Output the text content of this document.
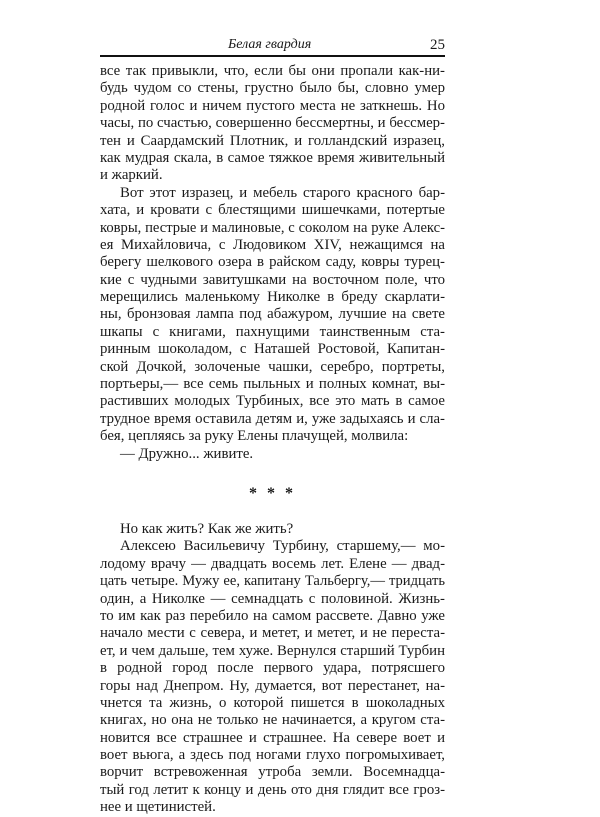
Белая гвардия	25
все так привыкли, что, если бы они пропали как-ни-
будь чудом со стены, грустно было бы, словно умер
родной голос и ничем пустого места не заткнешь. Но
часы, по счастью, совершенно бессмертны, и бессмер-
тен и Саардамский Плотник, и голландский изразец,
как мудрая скала, в самое тяжкое время живительный
и жаркий.
Вот этот изразец, и мебель старого красного бар-
хата, и кровати с блестящими шишечками, потертые
ковры, пестрые и малиновые, с соколом на руке Алекс-
ея Михайловича, с Людовиком XIV, нежащимся на
берегу шелкового озера в райском саду, ковры турец-
кие с чудными завитушками на восточном поле, что
мерещились маленькому Николке в бреду скарлати-
ны, бронзовая лампа под абажуром, лучшие на свете
шкапы с книгами, пахнущими таинственным ста-
ринным шоколадом, с Наташей Ростовой, Капитан-
ской Дочкой, золоченые чашки, серебро, портреты,
портьеры,— все семь пыльных и полных комнат, вы-
растивших молодых Турбиных, все это мать в самое
трудное время оставила детям и, уже задыхаясь и сла-
бея, цепляясь за руку Елены плачущей, молвила:
— Дружно... живите.
* * *
Но как жить? Как же жить?
Алексею Васильевичу Турбину, старшему,— мо-
лодому врачу — двадцать восемь лет. Елене — двад-
цать четыре. Мужу ее, капитану Тальбергу,— тридцать
один, а Николке — семнадцать с половиной. Жизнь-
то им как раз перебило на самом рассвете. Давно уже
начало мести с севера, и метет, и метет, и не переста-
ет, и чем дальше, тем хуже. Вернулся старший Турбин
в родной город после первого удара, потрясшего
горы над Днепром. Ну, думается, вот перестанет, на-
чнется та жизнь, о которой пишется в шоколадных
книгах, но она не только не начинается, а кругом ста-
новится все страшнее и страшнее. На севере воет и
воет вьюга, а здесь под ногами глухо погромыхивает,
ворчит встревоженная утроба земли. Восемнадца-
тый год летит к концу и день ото дня глядит все гроз-
нее и щетинистей.
